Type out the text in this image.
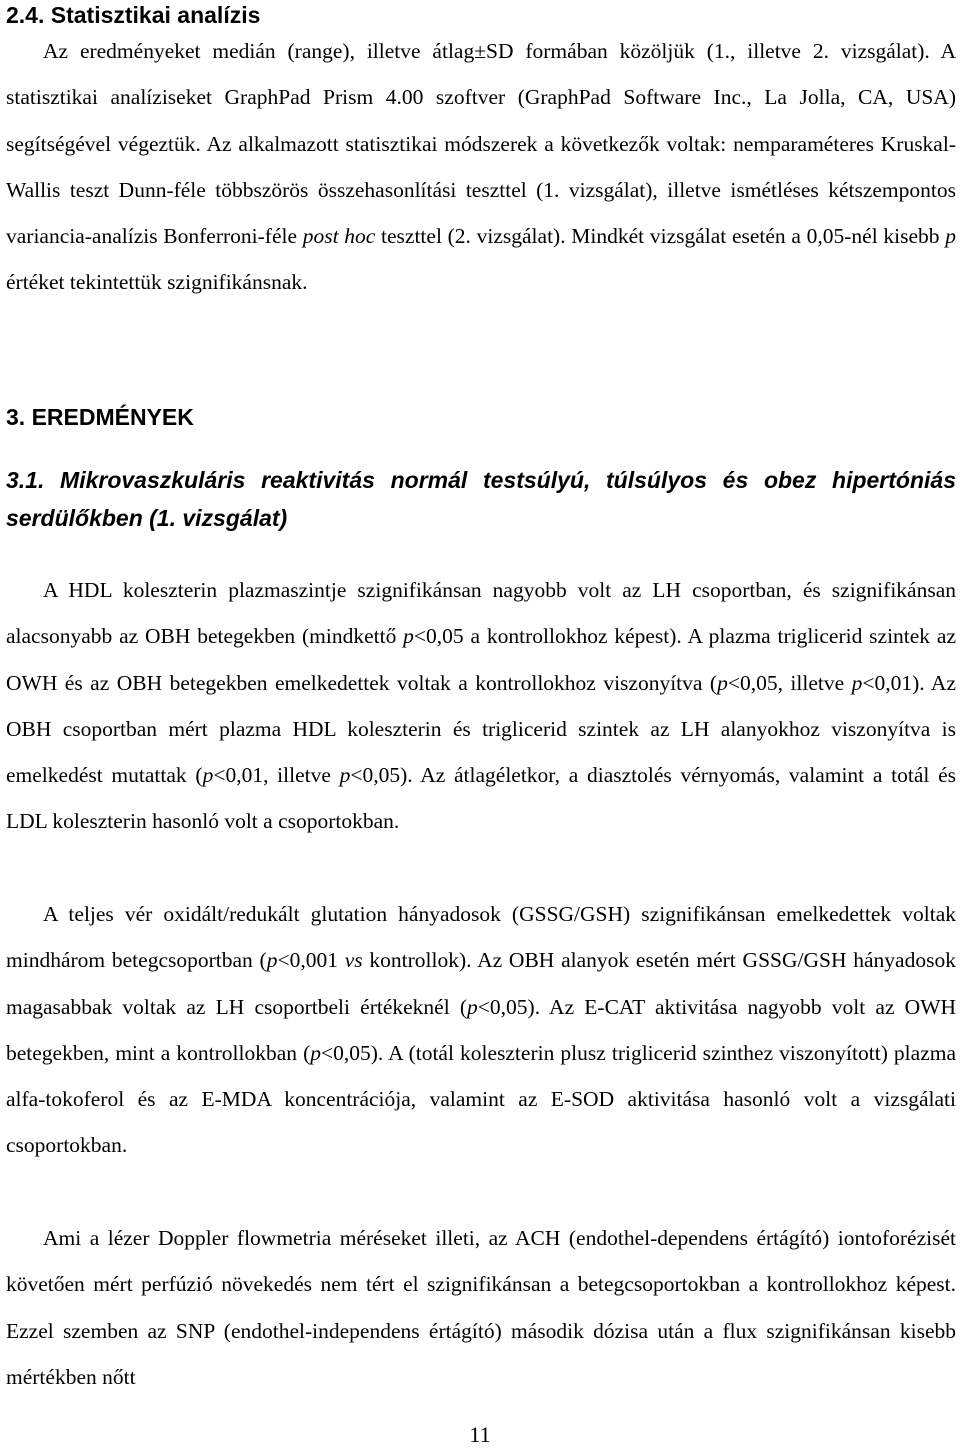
2.4. Statisztikai analízis

Az eredményeket medián (range), illetve átlag±SD formában közöljük (1., illetve 2. vizsgálat). A statisztikai analíziseket GraphPad Prism 4.00 szoftver (GraphPad Software Inc., La Jolla, CA, USA) segítségével végeztük. Az alkalmazott statisztikai módszerek a következők voltak: nemparaméteres Kruskal-Wallis teszt Dunn-féle többszörös összehasonlítási teszttel (1. vizsgálat), illetve ismétléses kétszempontos variancia-analízis Bonferroni-féle post hoc teszttel (2. vizsgálat). Mindkét vizsgálat esetén a 0,05-nél kisebb p értéket tekintettük szignifikánsnak.

3. EREDMÉNYEK
3.1. Mikrovaszkuláris reaktivitás normál testsúlyú, túlsúlyos és obez hipertóniás serdülőkben (1. vizsgálat)

A HDL koleszterin plazmaszintje szignifikánsan nagyobb volt az LH csoportban, és szignifikánsan alacsonyabb az OBH betegekben (mindkettő p<0,05 a kontrollokhoz képest). A plazma triglicerid szintek az OWH és az OBH betegekben emelkedettek voltak a kontrollokhoz viszonyítva (p<0,05, illetve p<0,01). Az OBH csoportban mért plazma HDL koleszterin és triglicerid szintek az LH alanyokhoz viszonyítva is emelkedést mutattak (p<0,01, illetve p<0,05). Az átlagéletkor, a diasztolés vérnyomás, valamint a totál és LDL koleszterin hasonló volt a csoportokban.

A teljes vér oxidált/redukált glutation hányadosok (GSSG/GSH) szignifikánsan emelkedettek voltak mindhárom betegcsoportban (p<0,001 vs kontrollok). Az OBH alanyok esetén mért GSSG/GSH hányadosok magasabbak voltak az LH csoportbeli értékeknél (p<0,05). Az E-CAT aktivitása nagyobb volt az OWH betegekben, mint a kontrollokban (p<0,05). A (totál koleszterin plusz triglicerid szinthez viszonyított) plazma alfa-tokoferol és az E-MDA koncentrációja, valamint az E-SOD aktivitása hasonló volt a vizsgálati csoportokban.

Ami a lézer Doppler flowmetria méréseket illeti, az ACH (endothel-dependens értágító) iontoforézisét követően mért perfúzió növekedés nem tért el szignifikánsan a betegcsoportokban a kontrollokhoz képest. Ezzel szemben az SNP (endothel-independens értágító) második dózisa után a flux szignifikánsan kisebb mértékben nőtt

11
